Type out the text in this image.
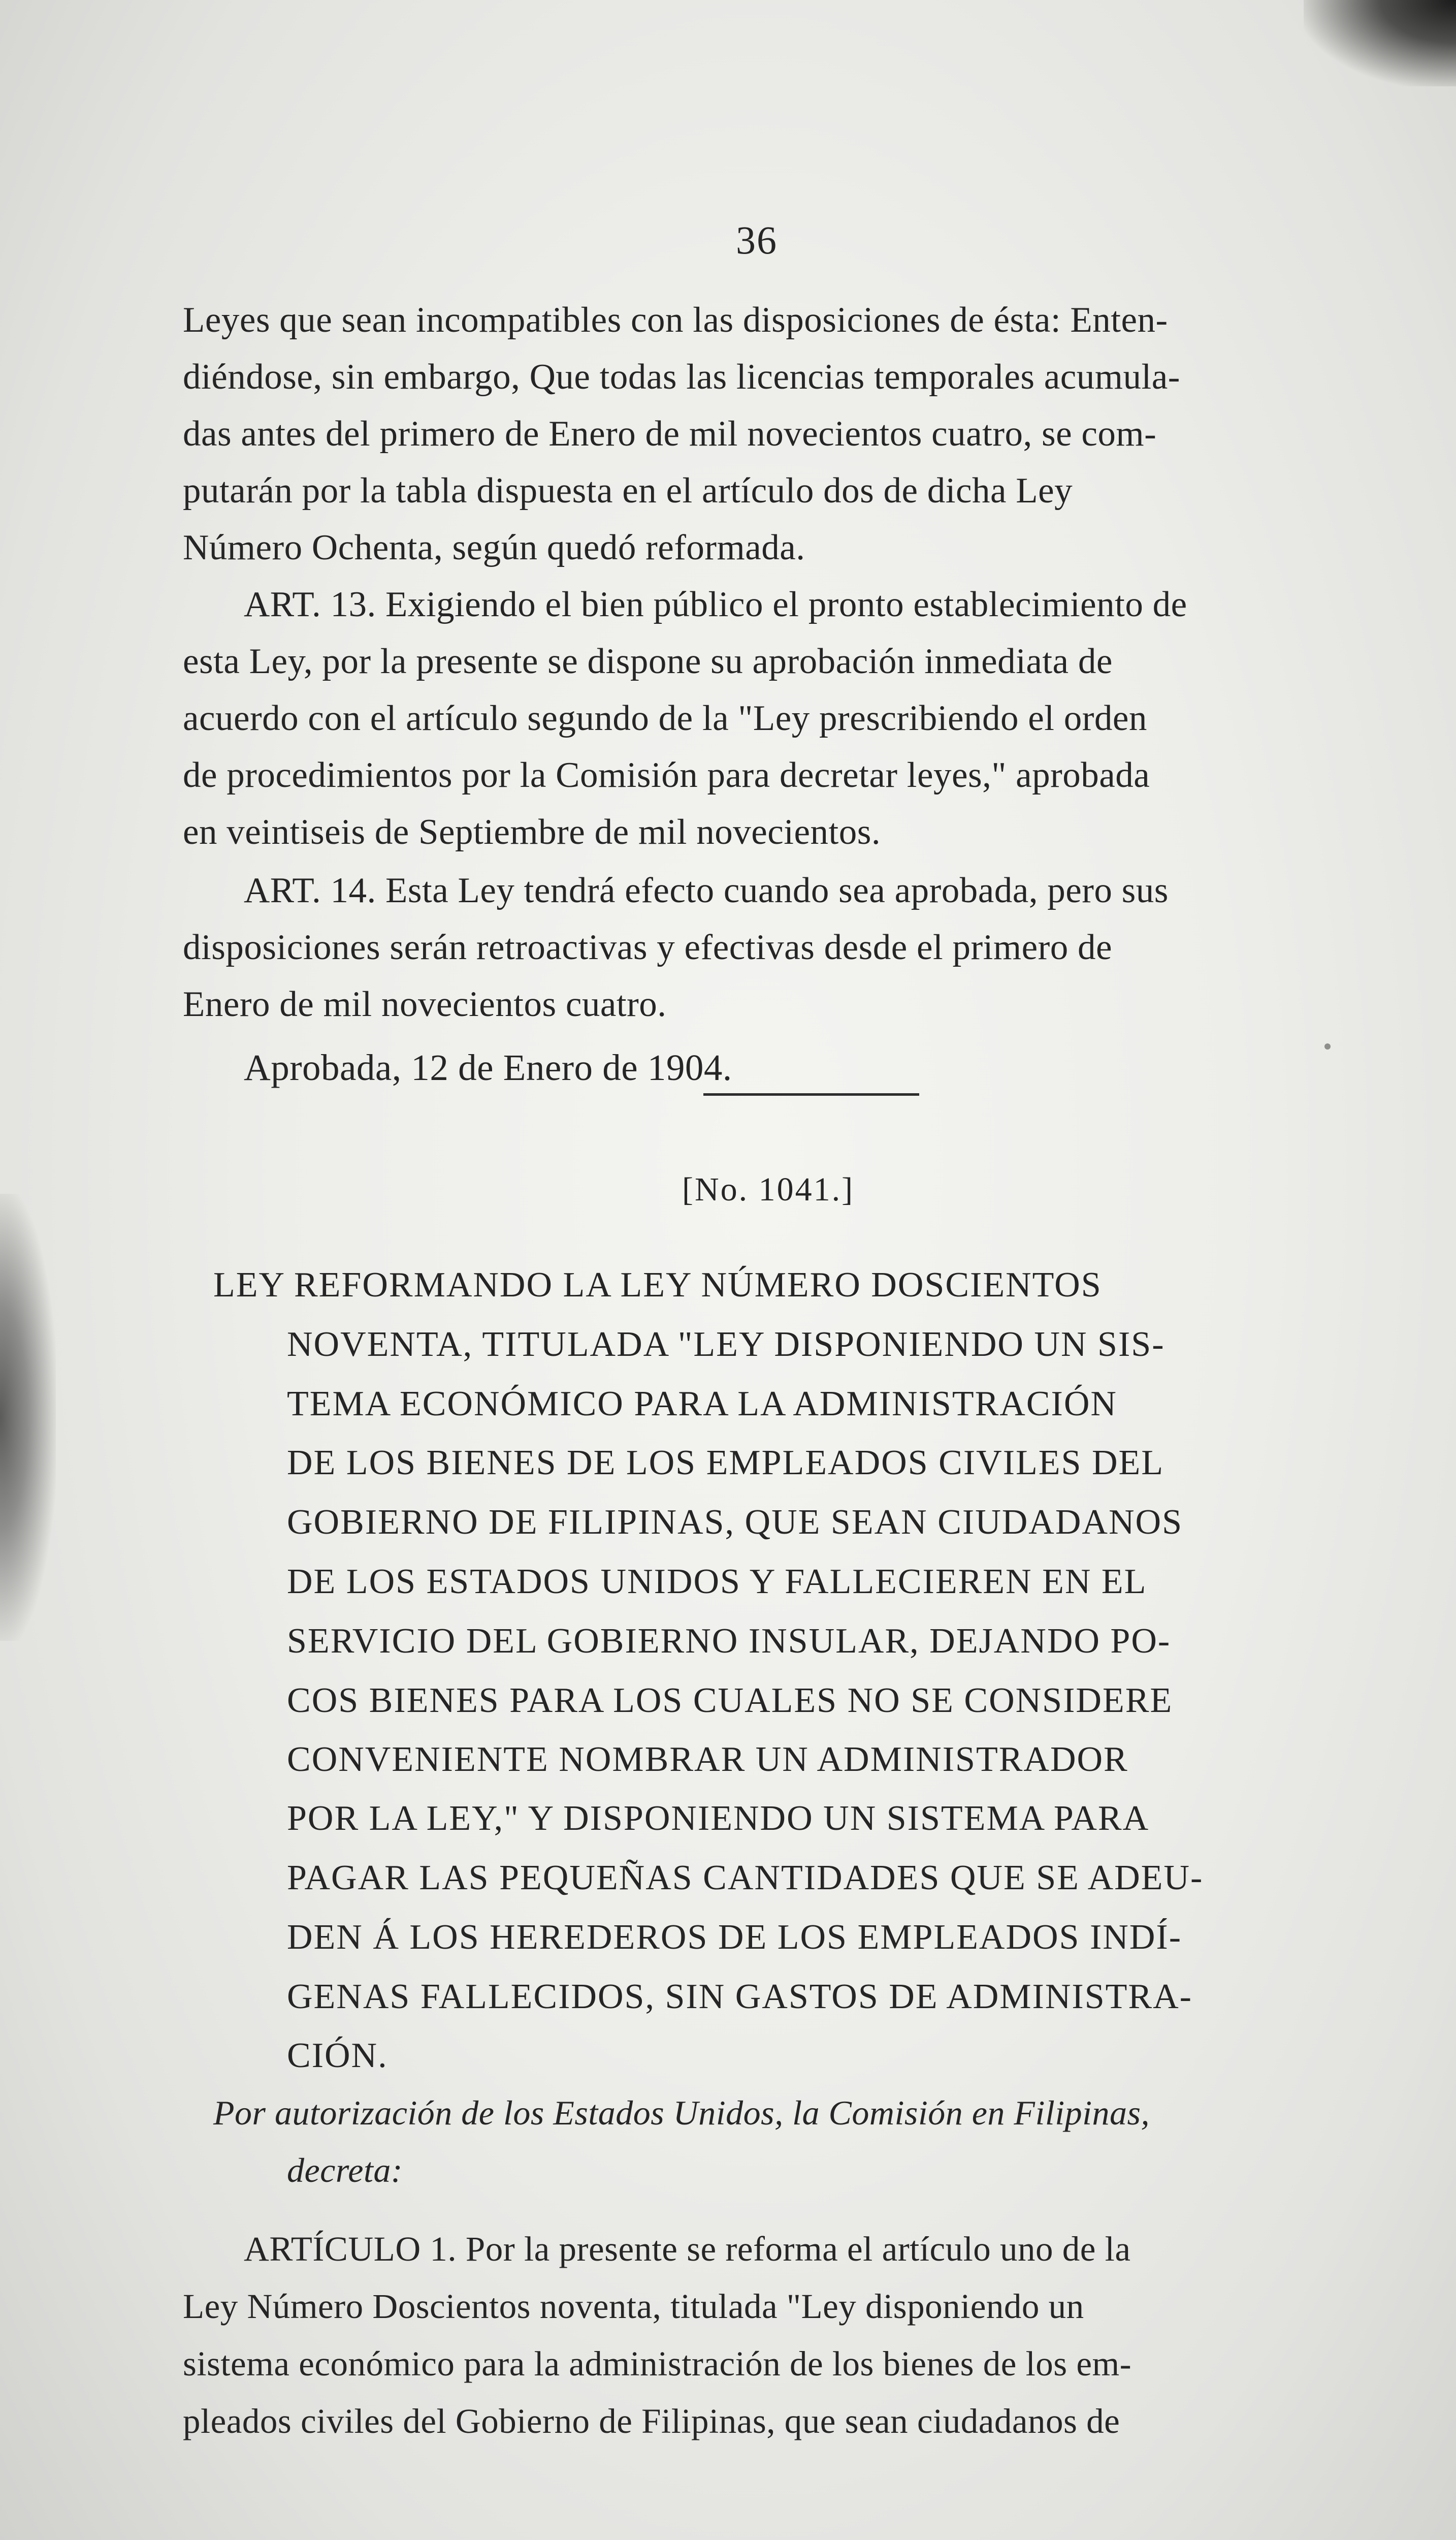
36
Leyes que sean incompatibles con las disposiciones de ésta: Enten-
diéndose, sin embargo, Que todas las licencias temporales acumula-
das antes del primero de Enero de mil novecientos cuatro, se com-
putarán por la tabla dispuesta en el artículo dos de dicha Ley
Número Ochenta, según quedó reformada.
ART. 13. Exigiendo el bien público el pronto establecimiento de
esta Ley, por la presente se dispone su aprobación inmediata de
acuerdo con el artículo segundo de la "Ley prescribiendo el orden
de procedimientos por la Comisión para decretar leyes," aprobada
en veintiseis de Septiembre de mil novecientos.
ART. 14. Esta Ley tendrá efecto cuando sea aprobada, pero sus
disposiciones serán retroactivas y efectivas desde el primero de
Enero de mil novecientos cuatro.
Aprobada, 12 de Enero de 1904.
[No. 1041.]
LEY REFORMANDO LA LEY NÚMERO DOSCIENTOS
NOVENTA, TITULADA "LEY DISPONIENDO UN SIS-
TEMA ECONÓMICO PARA LA ADMINISTRACIÓN
DE LOS BIENES DE LOS EMPLEADOS CIVILES DEL
GOBIERNO DE FILIPINAS, QUE SEAN CIUDADANOS
DE LOS ESTADOS UNIDOS Y FALLECIEREN EN EL
SERVICIO DEL GOBIERNO INSULAR, DEJANDO PO-
COS BIENES PARA LOS CUALES NO SE CONSIDERE
CONVENIENTE NOMBRAR UN ADMINISTRADOR
POR LA LEY," Y DISPONIENDO UN SISTEMA PARA
PAGAR LAS PEQUEÑAS CANTIDADES QUE SE ADEU-
DEN Á LOS HEREDEROS DE LOS EMPLEADOS INDÍ-
GENAS FALLECIDOS, SIN GASTOS DE ADMINISTRA-
CIÓN.
Por autorización de los Estados Unidos, la Comisión en Filipinas,
decreta:
ARTÍCULO 1. Por la presente se reforma el artículo uno de la
Ley Número Doscientos noventa, titulada "Ley disponiendo un
sistema económico para la administración de los bienes de los em-
pleados civiles del Gobierno de Filipinas, que sean ciudadanos de
